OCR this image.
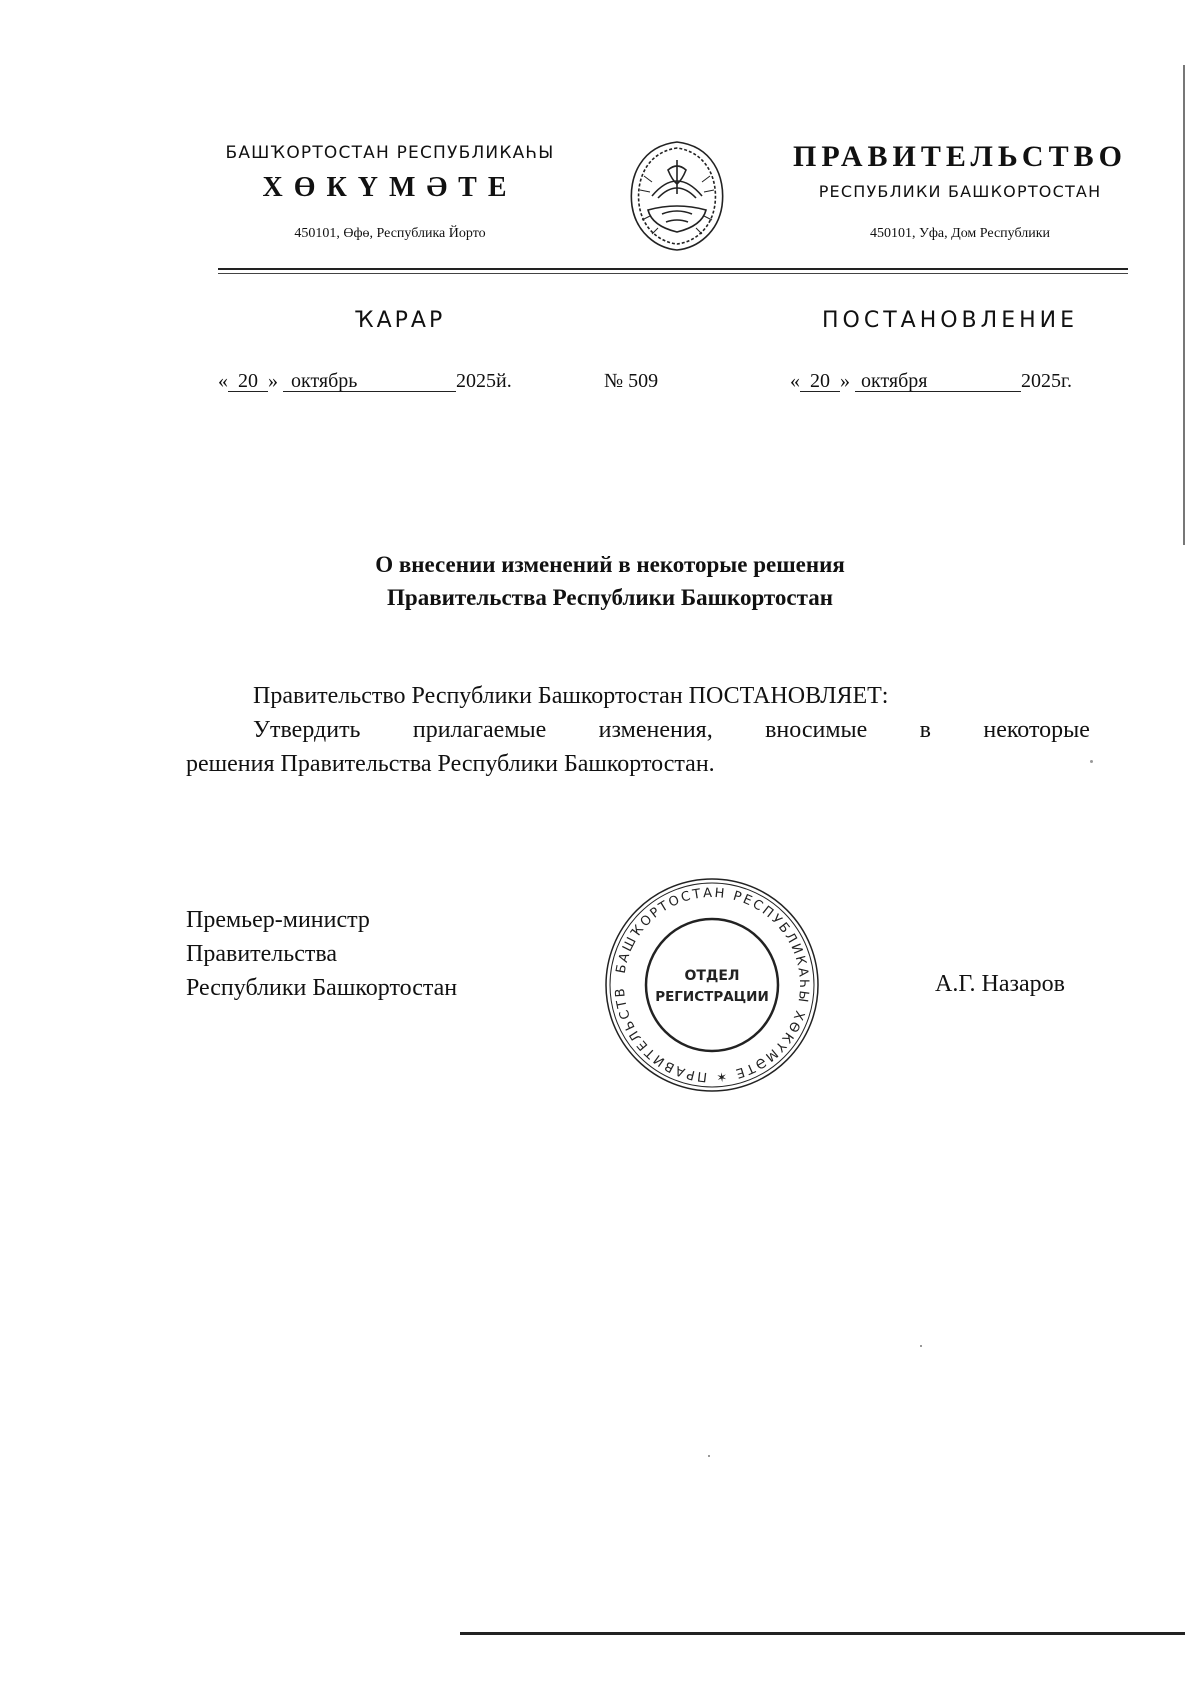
БАШҠОРТОСТАН РЕСПУБЛИКАҺЫ
ХӨКҮМӘТЕ
450101, Өфө, Республика Йорто
ПРАВИТЕЛЬСТВО
РЕСПУБЛИКИ БАШКОРТОСТАН
450101, Уфа, Дом Республики
ҠАРАР	ПОСТАНОВЛЕНИЕ
« 20 » октябрь	2025й.	№ 509	« 20 » октября	2025г.
О внесении изменений в некоторые решения
Правительства Республики Башкортостан
Правительство Республики Башкортостан ПОСТАНОВЛЯЕТ:
Утвердить прилагаемые изменения, вносимые в некоторые
решения Правительства Республики Башкортостан.
Премьер-министр
Правительства
Республики Башкортостан
БАШҠОРТОСТАН РЕСПУБЛИКАҺЫ ХӨКҮМӘТЕ ✶ ПРАВИТЕЛЬСТВ
ОТДЕЛ
РЕГИСТРАЦИИ	А.Г. Назаров
